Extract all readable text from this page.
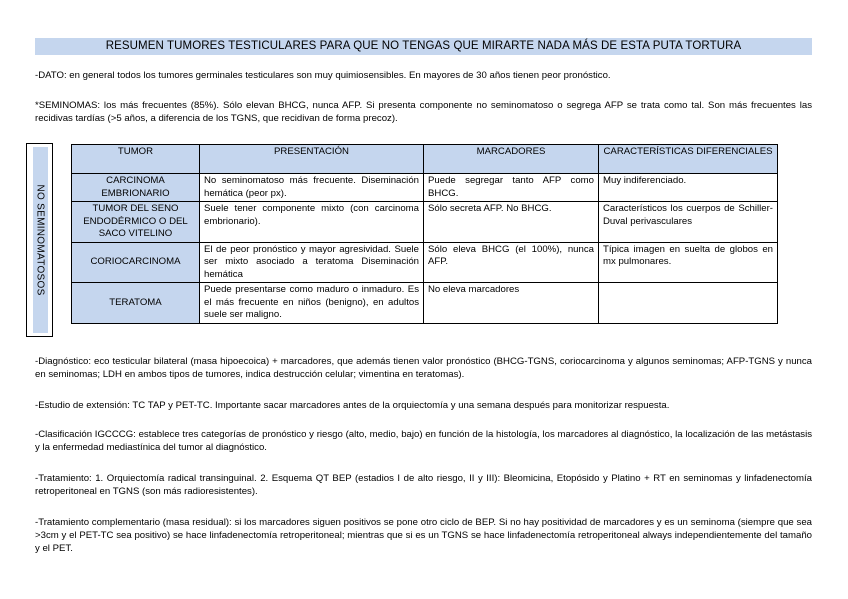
RESUMEN TUMORES TESTICULARES PARA QUE NO TENGAS QUE MIRARTE NADA MÁS DE ESTA PUTA TORTURA
-DATO: en general todos los tumores germinales testiculares son muy quimiosensibles. En mayores de 30 años tienen peor pronóstico.
*SEMINOMAS: los más frecuentes (85%). Sólo elevan BHCG, nunca AFP. Si presenta componente no seminomatoso o segrega AFP se trata como tal. Son más frecuentes las recidivas tardías (>5 años, a diferencia de los TGNS, que recidivan de forma precoz).
NO SEMINOMATOSOS
TUMOR	PRESENTACIÓN	MARCADORES	CARACTERÍSTICAS DIFERENCIALES
CARCINOMA EMBRIONARIO	No seminomatoso más frecuente. Diseminación hemática (peor px).	Puede segregar tanto AFP como BHCG.	Muy indiferenciado.
TUMOR DEL SENO ENDODÉRMICO O DEL SACO VITELINO	Suele tener componente mixto (con carcinoma embrionario).	Sólo secreta AFP. No BHCG.	Característicos los cuerpos de Schiller-Duval perivasculares
CORIOCARCINOMA	El de peor pronóstico y mayor agresividad. Suele ser mixto asociado a teratoma Diseminación hemática	Sólo eleva BHCG (el 100%), nunca AFP.	Típica imagen en suelta de globos en mx pulmonares.
TERATOMA	Puede presentarse como maduro o inmaduro. Es el más frecuente en niños (benigno), en adultos suele ser maligno.	No eleva marcadores	
-Diagnóstico: eco testicular bilateral (masa hipoecoica) + marcadores, que además tienen valor pronóstico (BHCG-TGNS, coriocarcinoma y algunos seminomas; AFP-TGNS y nunca en seminomas; LDH en ambos tipos de tumores, indica destrucción celular; vimentina en teratomas).
-Estudio de extensión: TC TAP y PET-TC. Importante sacar marcadores antes de la orquiectomía y una semana después para monitorizar respuesta.
-Clasificación IGCCCG: establece tres categorías de pronóstico y riesgo (alto, medio, bajo) en función de la histología, los marcadores al diagnóstico, la localización de las metástasis y la enfermedad mediastínica del tumor al diagnóstico.
-Tratamiento: 1. Orquiectomía radical transinguinal. 2. Esquema QT BEP (estadios I de alto riesgo, II y III): Bleomicina, Etopósido y Platino + RT en seminomas y linfadenectomía retroperitoneal en TGNS (son más radioresistentes).
-Tratamiento complementario (masa residual): si los marcadores siguen positivos se pone otro ciclo de BEP. Si no hay positividad de marcadores y es un seminoma (siempre que sea >3cm y el PET-TC sea positivo) se hace linfadenectomía retroperitoneal; mientras que si es un TGNS se hace linfadenectomía retroperitoneal always independientemente del tamaño y el PET.
